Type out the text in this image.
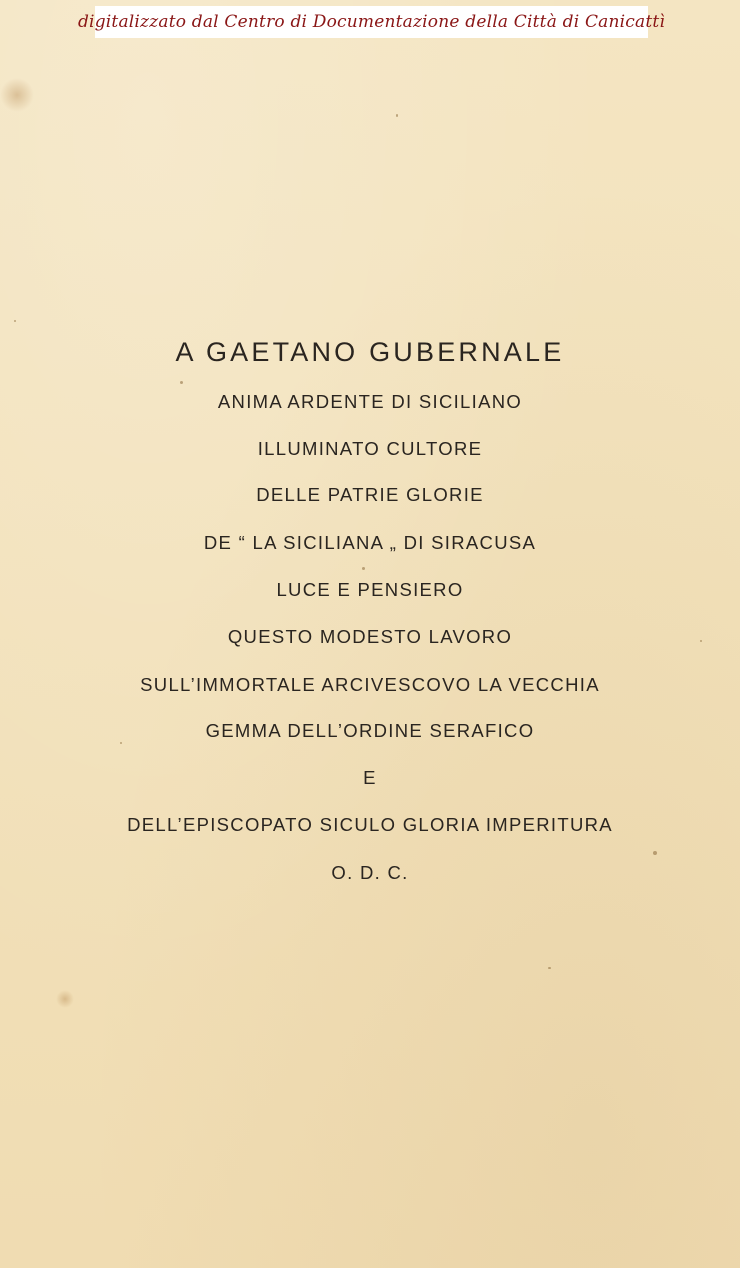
digitalizzato dal Centro di Documentazione della Città di Canicattì
A GAETANO GUBERNALE
ANIMA ARDENTE DI SICILIANO
ILLUMINATO CULTORE
DELLE PATRIE GLORIE
DE “ LA SICILIANA „ DI SIRACUSA
LUCE E PENSIERO
QUESTO MODESTO LAVORO
SULL’IMMORTALE ARCIVESCOVO LA VECCHIA
GEMMA DELL’ORDINE SERAFICO
E
DELL’EPISCOPATO SICULO GLORIA IMPERITURA
O. D. C.
